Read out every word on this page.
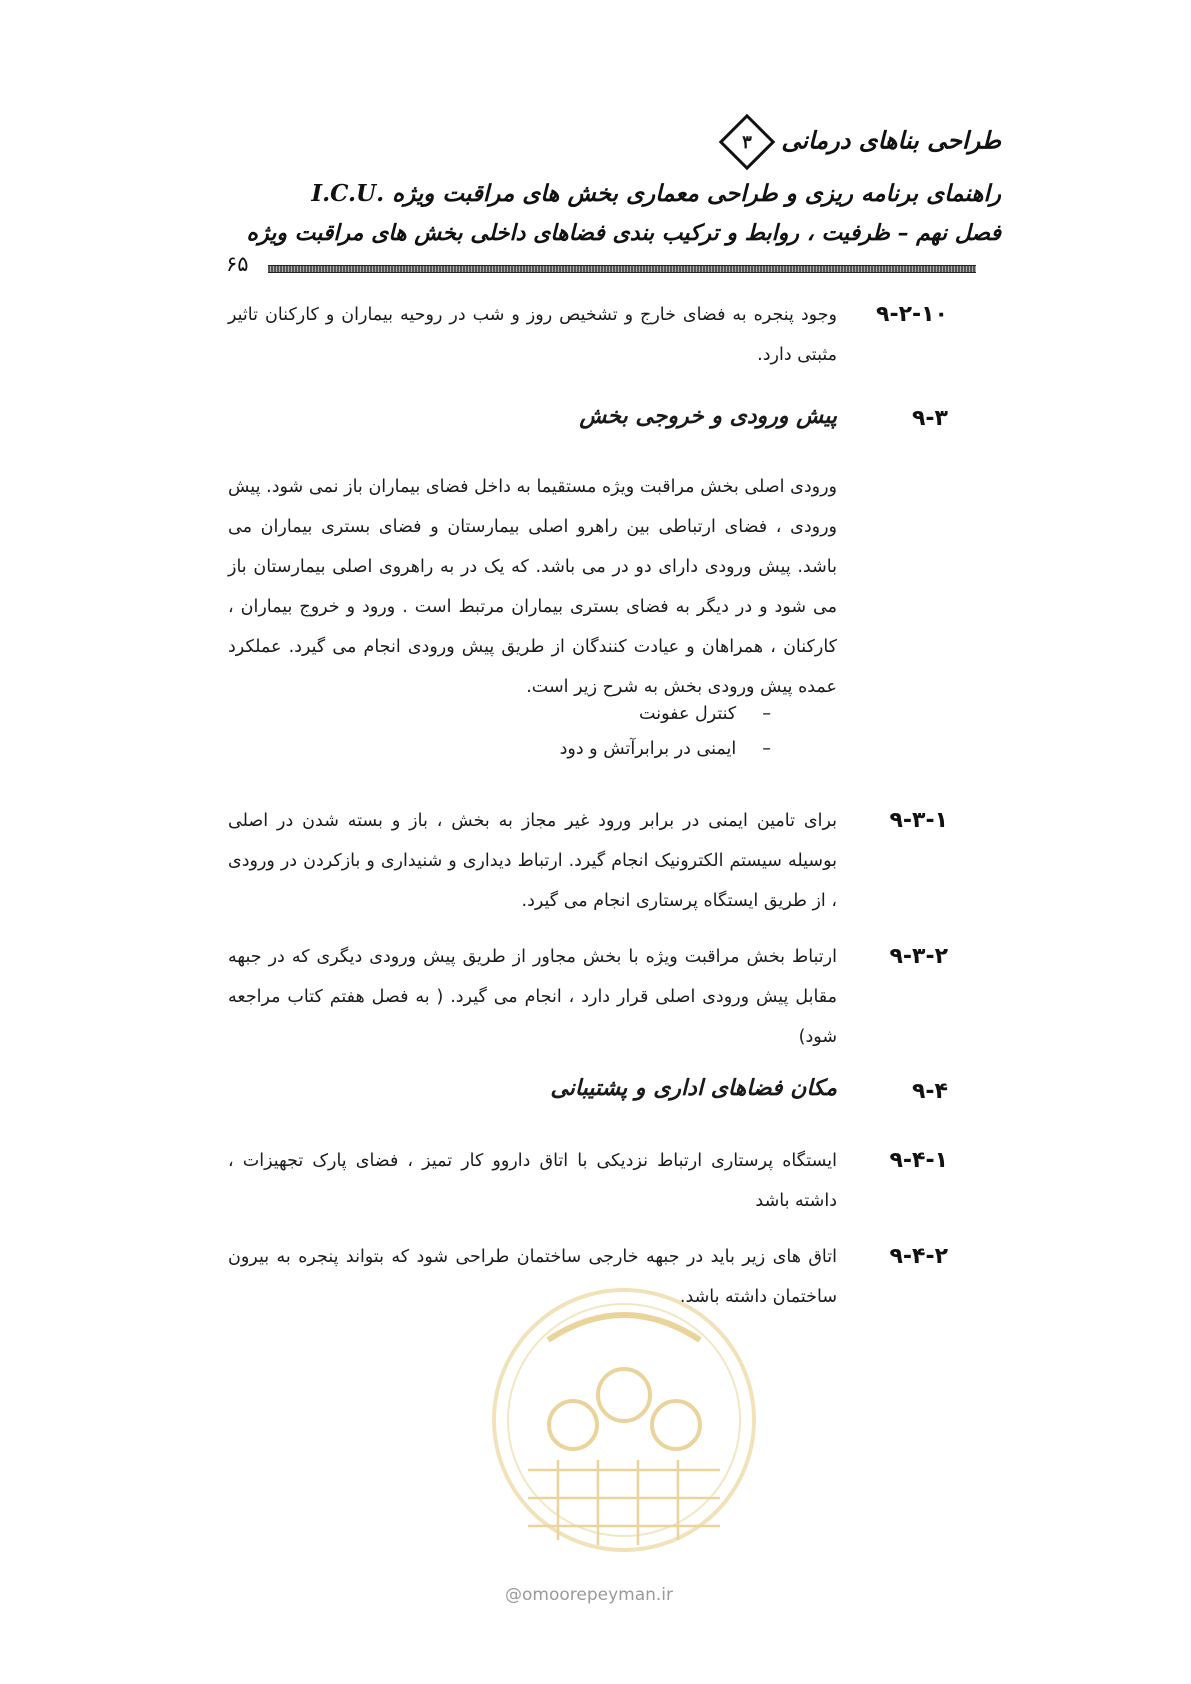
طراحی بناهای درمانی
۳
راهنمای برنامه ریزی و طراحی معماری بخش های مراقبت ویژه .I.C.U
فصل نهم – ظرفیت ، روابط و ترکیب بندی فضاهای داخلی بخش های مراقبت ویژه
۶۵
۹-۲-۱۰
وجود پنجره به فضای خارج و تشخیص روز و شب در روحیه بیماران و کارکنان تاثیر مثبتی دارد.
۹-۳
پیش ورودی و خروجی بخش
ورودی اصلی بخش مراقبت ویژه مستقیما به داخل فضای بیماران باز نمی شود. پیش ورودی ، فضای ارتباطی بین راهرو اصلی بیمارستان و فضای بستری بیماران می باشد. پیش ورودی دارای دو در می باشد. که یک در به راهروی اصلی بیمارستان باز می شود و در دیگر به فضای بستری بیماران مرتبط است . ورود و خروج بیماران ، کارکنان ، همراهان و عیادت کنندگان از طریق پیش ورودی انجام می گیرد. عملکرد عمده پیش ورودی بخش به شرح زیر است.
–کنترل عفونت
–ایمنی در برابرآتش و دود
۹-۳-۱
برای تامین ایمنی در برابر ورود غیر مجاز به بخش ، باز و بسته شدن در اصلی بوسیله سیستم الکترونیک انجام گیرد. ارتباط دیداری و شنیداری و بازکردن در ورودی ، از طریق ایستگاه پرستاری انجام می گیرد.
۹-۳-۲
ارتباط بخش مراقبت ویژه با بخش مجاور از طریق پیش ورودی دیگری که در جبهه مقابل پیش ورودی اصلی قرار دارد ، انجام می گیرد. ( به فصل هفتم کتاب مراجعه شود)
۹-۴
مکان فضاهای اداری و پشتیبانی
۹-۴-۱
ایستگاه پرستاری ارتباط نزدیکی با اتاق داروو کار تمیز ، فضای پارک تجهیزات ، داشته باشد
۹-۴-۲
اتاق های زیر باید در جبهه خارجی ساختمان طراحی شود که بتواند پنجره به بیرون ساختمان داشته باشد.
@omoorepeyman.ir
